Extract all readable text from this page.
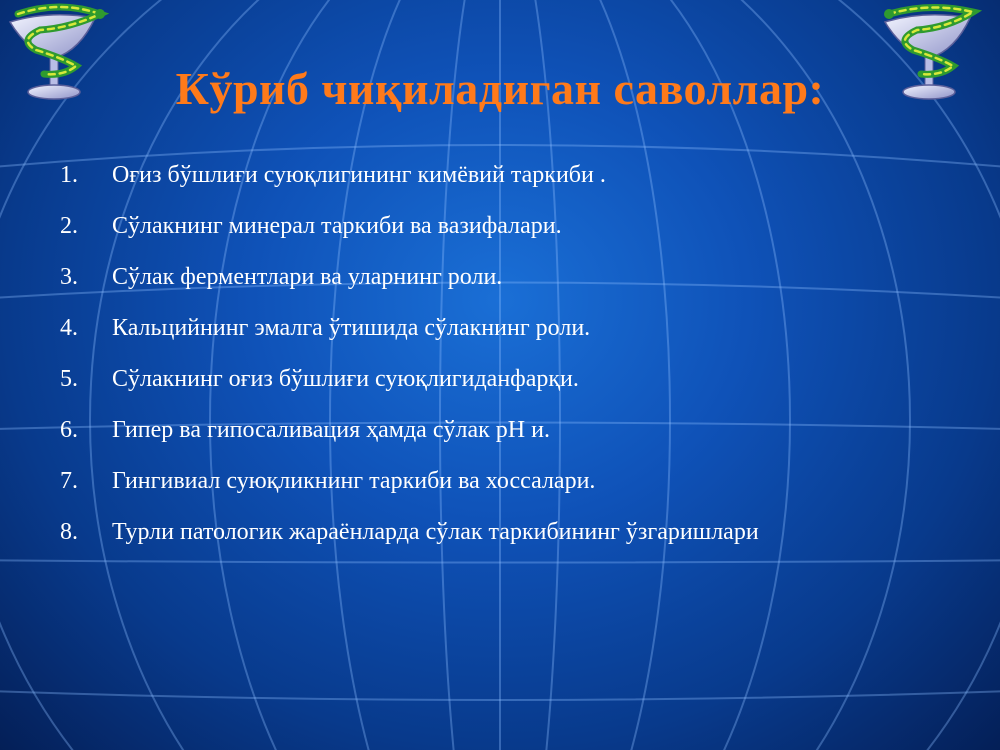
Кўриб чиқиладиган саволлар:
1.	Оғиз бўшлиғи суюқлигининг кимёвий таркиби .
2.	Сўлакнинг минерал таркиби ва вазифалари.
3.	Сўлак ферментлари ва уларнинг роли.
4.	Кальцийнинг эмалга ўтишида сўлакнинг роли.
5.	Сўлакнинг оғиз бўшлиғи суюқлигиданфарқи.
6.	Гипер ва гипосаливация ҳамда сўлак рН и.
7.	Гингивиал суюқликнинг таркиби ва хоссалари.
8.	Турли патологик жараёнларда сўлак таркибининг ўзгаришлари
